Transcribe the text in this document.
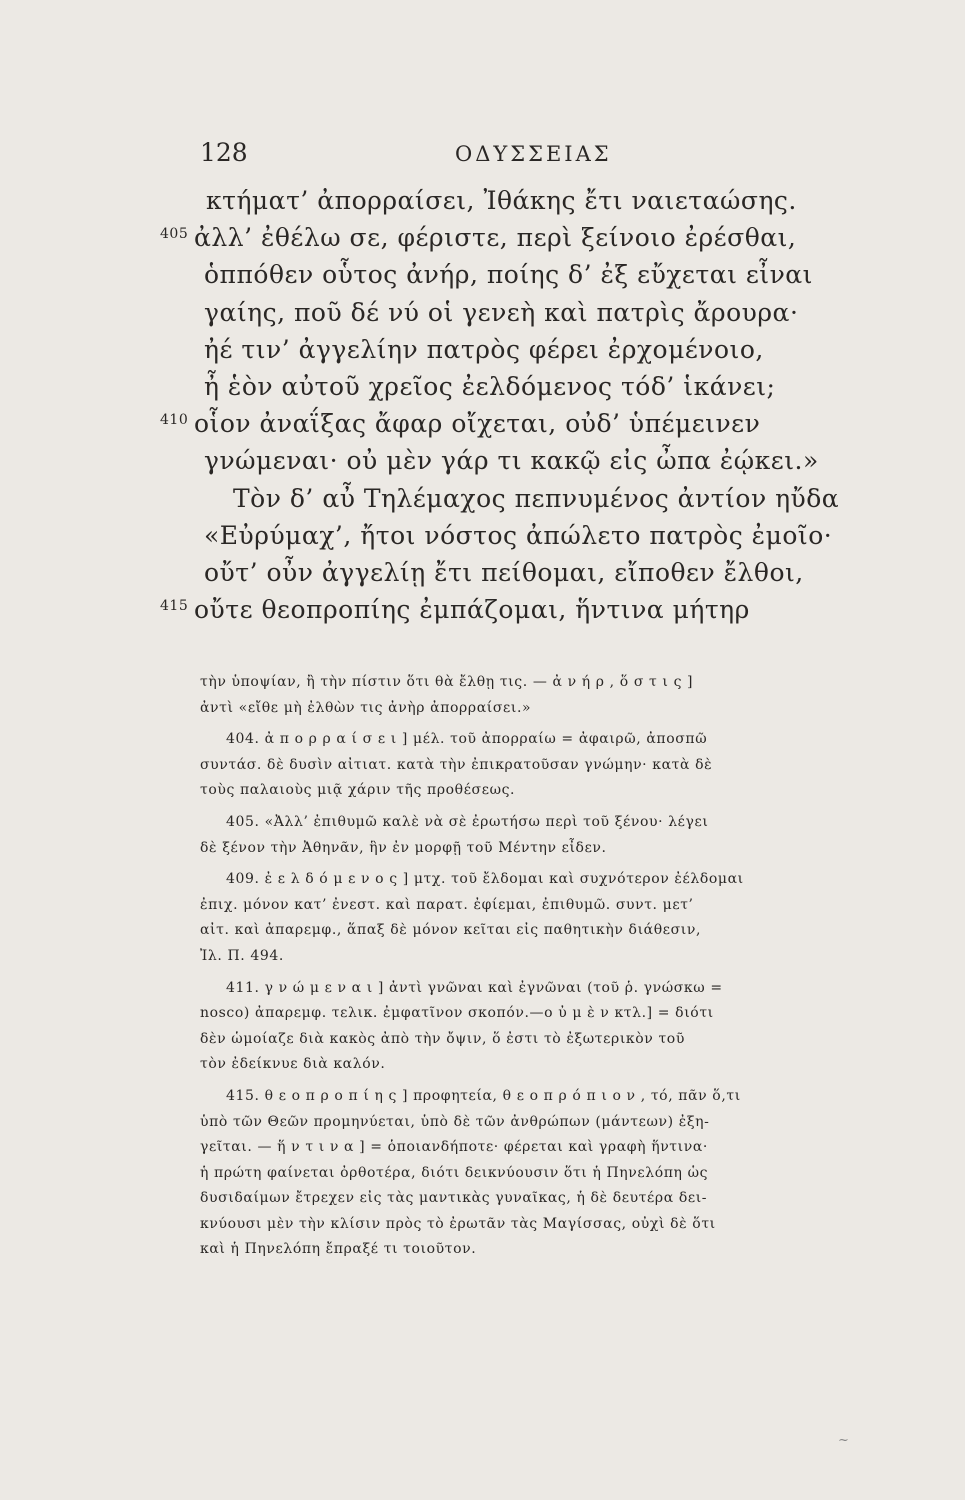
128	ΟΔΥΣΣΕΙΑΣ
κτήματ’ ἀπορραίσει, Ἰθάκης ἔτι ναιεταώσης.
405 ἀλλ’ ἐθέλω σε, φέριστε, περὶ ξείνοιο ἐρέσθαι,
ὁππόθεν οὗτος ἀνήρ, ποίης δ’ ἐξ εὔχεται εἶναι
γαίης, ποῦ δέ νύ οἱ γενεὴ καὶ πατρὶς ἄρουρα·
ἠέ τιν’ ἀγγελίην πατρὸς φέρει ἐρχομένοιο,
ἦ ἑὸν αὐτοῦ χρεῖος ἐελδόμενος τόδ’ ἱκάνει;
410 οἷον ἀναΐξας ἄφαρ οἴχεται, οὐδ’ ὑπέμεινεν
γνώμεναι· οὐ μὲν γάρ τι κακῷ εἰς ὦπα ἐῴκει.»
Τὸν δ’ αὖ Τηλέμαχος πεπνυμένος ἀντίον ηὔδα
«Εὐρύμαχ’, ἤτοι νόστος ἀπώλετο πατρὸς ἐμοῖο·
οὔτ’ οὖν ἀγγελίῃ ἔτι πείθομαι, εἴποθεν ἔλθοι,
415 οὔτε θεοπροπίης ἐμπάζομαι, ἥντινα μήτηρ
τὴν ὑποψίαν, ἢ τὴν πίστιν ὅτι θὰ ἔλθῃ τις. — ἀ ν ή ρ , ὅ σ τ ι ς ]
ἀντὶ «εἴθε μὴ ἐλθὼν τις ἀνὴρ ἀπορραίσει.»
404. ἀ π ο ρ ρ α ί σ ε ι ] μέλ. τοῦ ἀπορραίω = ἀφαιρῶ, ἀποσπῶ
συντάσ. δὲ δυσὶν αἰτιατ. κατὰ τὴν ἐπικρατοῦσαν γνώμην· κατὰ δὲ
τοὺς παλαιοὺς μιᾷ χάριν τῆς προθέσεως.
405. «Ἀλλ’ ἐπιθυμῶ καλὲ νὰ σὲ ἐρωτήσω περὶ τοῦ ξένου· λέγει
δὲ ξένον τὴν Ἀθηνᾶν, ἣν ἐν μορφῇ τοῦ Μέντην εἶδεν.
409. ἐ ε λ δ ό μ ε ν ο ς ] μτχ. τοῦ ἔλδομαι καὶ συχνότερον ἐέλδομαι
ἐπιχ. μόνον κατ’ ἐνεστ. καὶ παρατ. ἐφίεμαι, ἐπιθυμῶ. συντ. μετ’
αἰτ. καὶ ἀπαρεμφ., ἅπαξ δὲ μόνον κεῖται εἰς παθητικὴν διάθεσιν,
Ἰλ. Π. 494.
411. γ ν ώ μ ε ν α ι ] ἀντὶ γνῶναι καὶ ἐγνῶναι (τοῦ ῥ. γνώσκω =
nosco) ἀπαρεμφ. τελικ. ἐμφατῖνον σκοπόν.—ο ὐ μ ὲ ν κτλ.] = διότι
δὲν ὡμοίαζε διὰ κακὸς ἀπὸ τὴν ὄψιν, ὅ ἐστι τὸ ἐξωτερικὸν τοῦ
τὸν ἐδείκνυε διὰ καλόν.
415. θ ε ο π ρ ο π ί η ς ] προφητεία, θ ε ο π ρ ό π ι ο ν , τό, πᾶν ὅ,τι
ὑπὸ τῶν Θεῶν προμηνύεται, ὑπὸ δὲ τῶν ἀνθρώπων (μάντεων) ἐξη-
γεῖται. — ἥ ν τ ι ν α ] = ὁποιανδήποτε· φέρεται καὶ γραφὴ ἥντινα·
ἡ πρώτη φαίνεται ὀρθοτέρα, διότι δεικνύουσιν ὅτι ἡ Πηνελόπη ὡς
δυσιδαίμων ἔτρεχεν εἰς τὰς μαντικὰς γυναῖκας, ἡ δὲ δευτέρα δει-
κνύουσι μὲν τὴν κλίσιν πρὸς τὸ ἐρωτᾶν τὰς Μαγίσσας, οὐχὶ δὲ ὅτι
καὶ ἡ Πηνελόπη ἔπραξέ τι τοιοῦτον.
~
